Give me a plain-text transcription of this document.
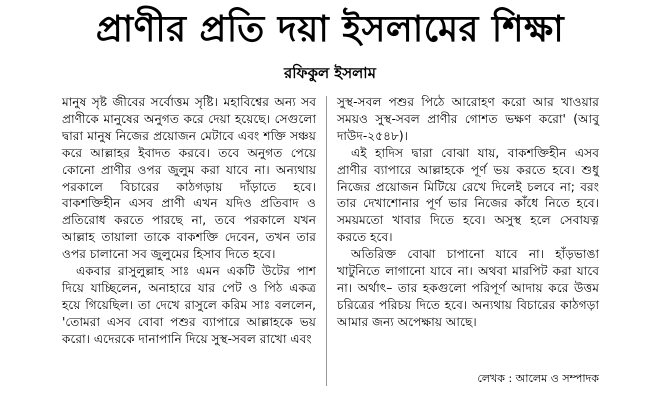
প্রাণীর প্রতি দয়া ইসলামের শিক্ষা
রফিকুল ইসলাম

মানুষ সৃষ্ট জীবের সর্বোত্তম সৃষ্টি। মহাবিশ্বের অন্য সব প্রাণীকে মানুষের অনুগত করে দেয়া হয়েছে। সেগুলো দ্বারা মানুষ নিজের প্রয়োজন মেটাবে এবং শক্তি সঞ্চয় করে আল্লাহর ইবাদত করবে। তবে অনুগত পেয়ে কোনো প্রাণীর ওপর জুলুম করা যাবে না। অন্যথায় পরকালে বিচারের কাঠগড়ায় দাঁড়াতে হবে। বাকশক্তিহীন এসব প্রাণী এখন যদিও প্রতিবাদ ও প্রতিরোধ করতে পারছে না, তবে পরকালে যখন আল্লাহ তায়ালা তাকে বাকশক্তি দেবেন, তখন তার ওপর চালানো সব জুলুমের হিসাব দিতে হবে।

একবার রাসুলুল্লাহ সাঃ এমন একটি উটের পাশ দিয়ে যাচ্ছিলেন, অনাহারে যার পেট ও পিঠ একত্র হয়ে গিয়েছিল। তা দেখে রাসুলে করিম সাঃ বললেন, 'তোমরা এসব বোবা পশুর ব্যাপারে আল্লাহকে ভয় করো। এদেরকে দানাপানি দিয়ে সুস্থ-সবল রাখো এবং

সুস্থ-সবল পশুর পিঠে আরোহণ করো আর খাওয়ার সময়ও সুস্থ-সবল প্রাণীর গোশত ভক্ষণ করো' (আবু দাউদ-২৫৪৮)।

এই হাদিস দ্বারা বোঝা যায়, বাকশক্তিহীন এসব প্রাণীর ব্যাপারে আল্লাহকে পূর্ণ ভয় করতে হবে। শুধু নিজের প্রয়োজন মিটিয়ে রেখে দিলেই চলবে না; বরং তার দেখাশোনার পূর্ণ ভার নিজের কাঁধে নিতে হবে। সময়মতো খাবার দিতে হবে। অসুস্থ হলে সেবাযত্ন করতে হবে।

অতিরিক্ত বোঝা চাপানো যাবে না। হাঁড়ভাঙা খাটুনিতে লাগানো যাবে না। অথবা মারপিট করা যাবে না। অর্থাৎ– তার হকগুলো পরিপূর্ণ আদায় করে উত্তম চরিত্রের পরিচয় দিতে হবে। অন্যথায় বিচারের কাঠগড়া আমার জন্য অপেক্ষায় আছে।

লেখক : আলেম ও সম্পাদক
